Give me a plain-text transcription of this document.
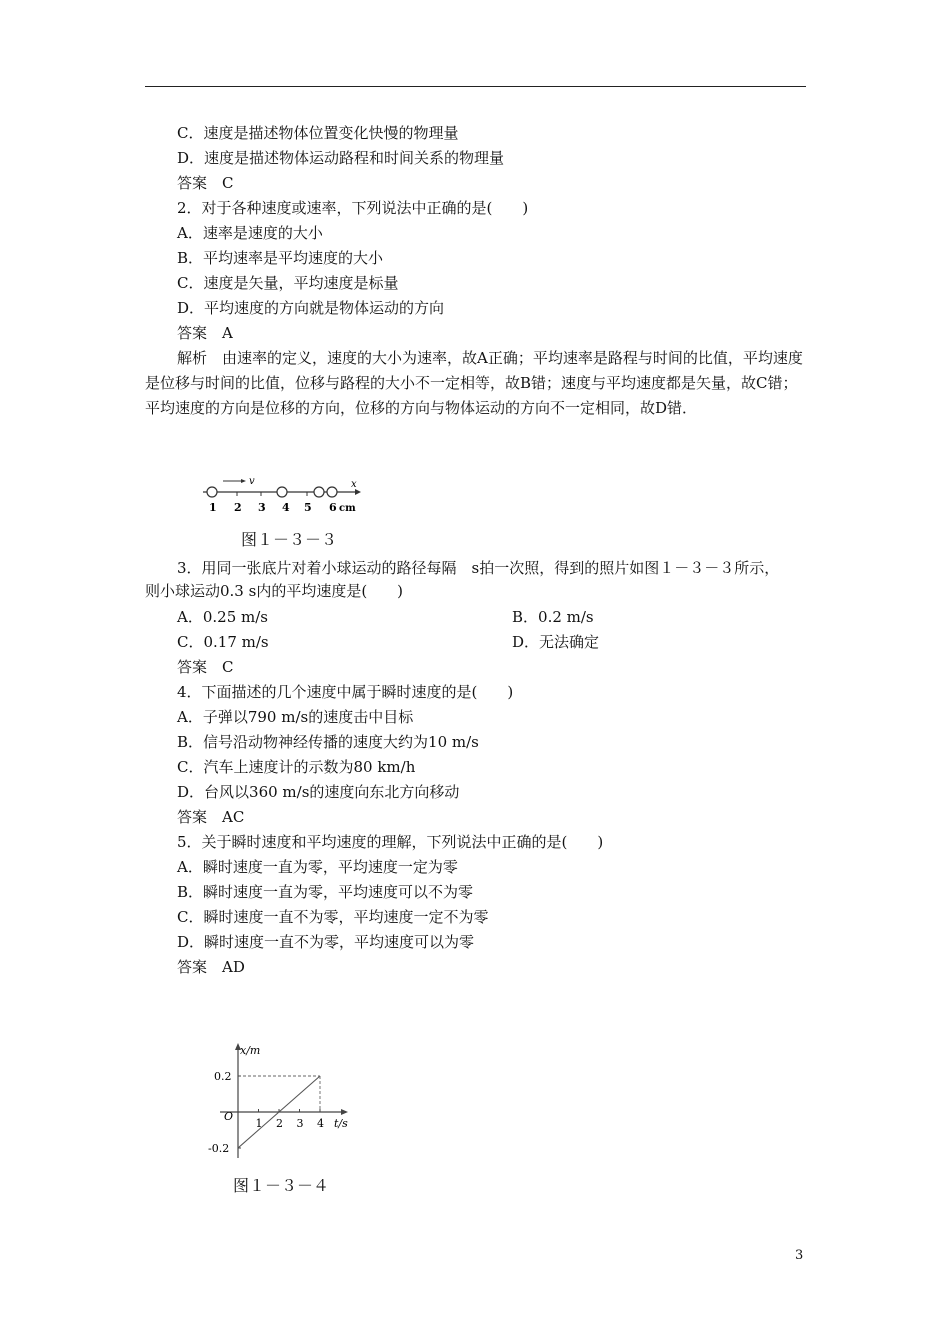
C．速度是描述物体位置变化快慢的物理量
D．速度是描述物体运动路程和时间关系的物理量
答案　C
2．对于各种速度或速率，下列说法中正确的是(　　)
A．速率是速度的大小
B．平均速率是平均速度的大小
C．速度是矢量，平均速度是标量
D．平均速度的方向就是物体运动的方向
答案　A
解析　由速率的定义，速度的大小为速率，故A正确；平均速率是路程与时间的比值，平均速度是位移与时间的比值，位移与路程的大小不一定相等，故B错；速度与平均速度都是矢量，故C错；平均速度的方向是位移的方向，位移的方向与物体运动的方向不一定相同，故D错．
v	x
1 2 3 4 5 6 cm
图１－３－３
3．用同一张底片对着小球运动的路径每隔　s拍一次照，得到的照片如图１－３－３所示，
则小球运动0.3 s内的平均速度是(　　)
A．0.25 m/s	B．0.2 m/s
C．0.17 m/s	D．无法确定
答案　C
4．下面描述的几个速度中属于瞬时速度的是(　　)
A．子弹以790 m/s的速度击中目标
B．信号沿动物神经传播的速度大约为10 m/s
C．汽车上速度计的示数为80 km/h
D．台风以360 m/s的速度向东北方向移动
答案　AC
5．关于瞬时速度和平均速度的理解，下列说法中正确的是(　　)
A．瞬时速度一直为零，平均速度一定为零
B．瞬时速度一直为零，平均速度可以不为零
C．瞬时速度一直不为零，平均速度一定不为零
D．瞬时速度一直不为零，平均速度可以为零
答案　AD
x/m
t/s
O
1 2 3 4
0.2
-0.2
图１－３－４
3
